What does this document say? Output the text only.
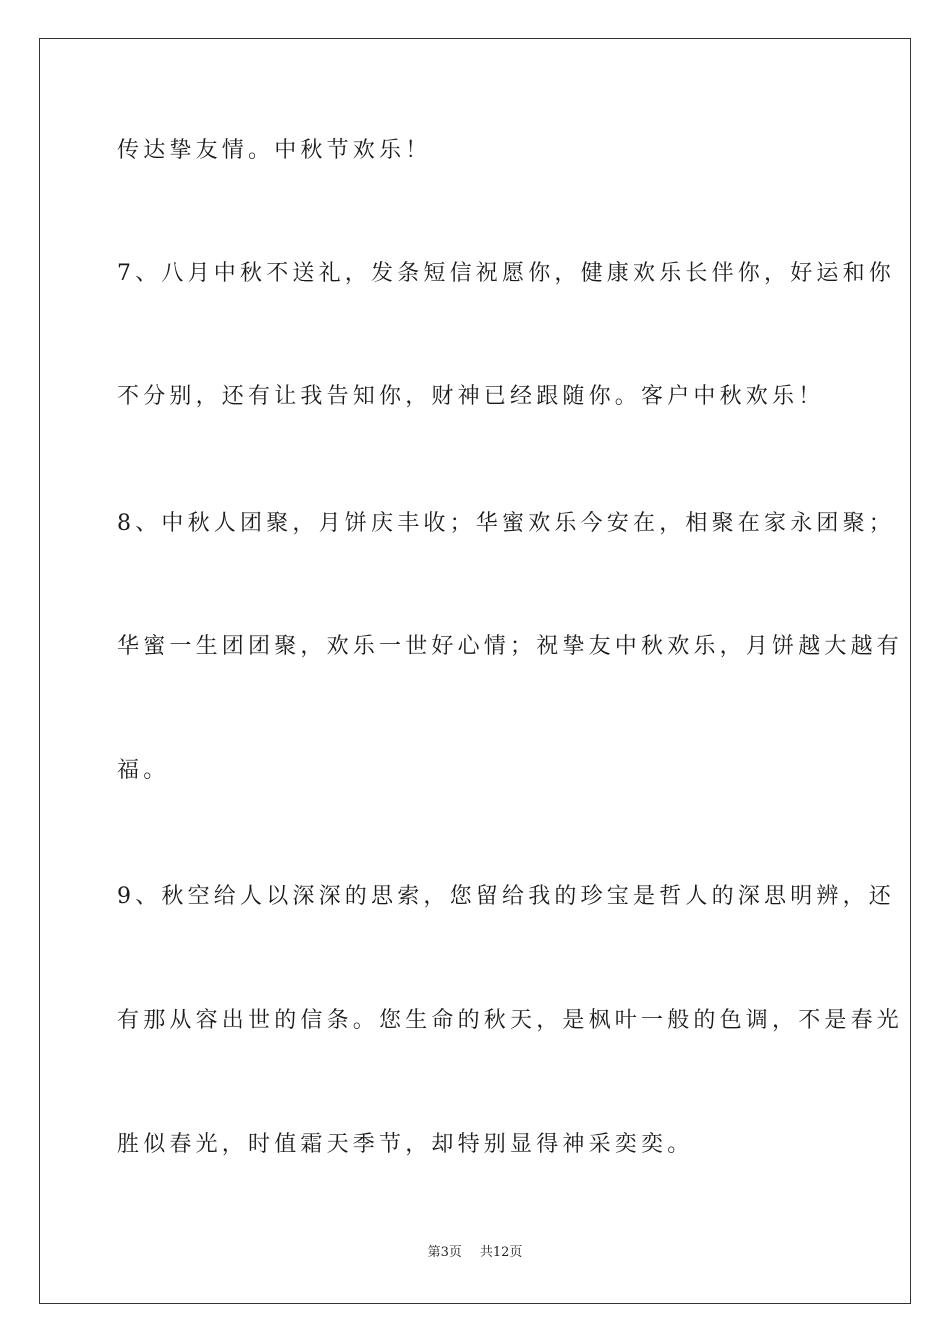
传达挚友情。中秋节欢乐！
7、八月中秋不送礼，发条短信祝愿你，健康欢乐长伴你，好运和你
不分别，还有让我告知你，财神已经跟随你。客户中秋欢乐！
8、中秋人团聚，月饼庆丰收；华蜜欢乐今安在，相聚在家永团聚；
华蜜一生团团聚，欢乐一世好心情；祝挚友中秋欢乐，月饼越大越有
福。
9、秋空给人以深深的思索，您留给我的珍宝是哲人的深思明辨，还
有那从容出世的信条。您生命的秋天，是枫叶一般的色调，不是春光
胜似春光，时值霜天季节，却特别显得神采奕奕。
第3页 共12页
